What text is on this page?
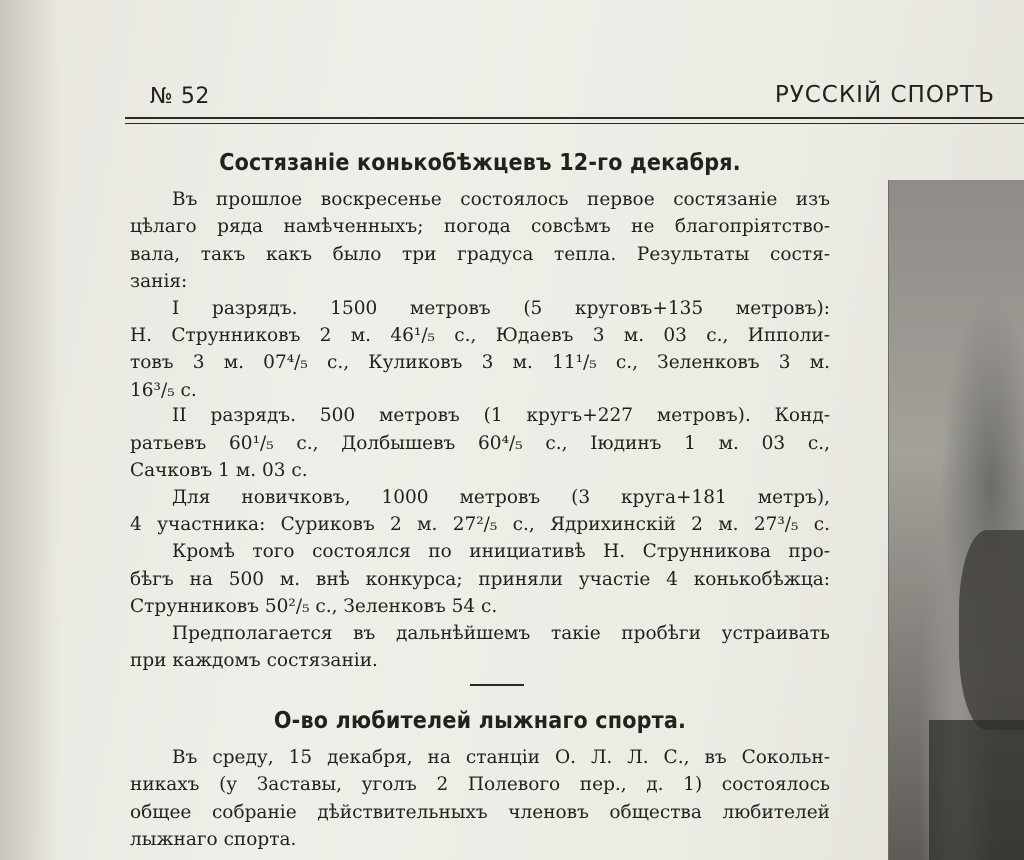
№ 52	РУССКIЙ СПОРТЪ
Состязанiе конькобѣжцевъ 12-го декабря.
Въ прошлое воскресенье состоялось первое состязанiе изъ
цѣлаго ряда намѣченныхъ; погода совсѣмъ не благопрiятство-
вала, такъ какъ было три градуса тепла. Результаты состя-
занiя:
I разрядъ. 1500 метровъ (5 круговъ+135 метровъ):
Н. Струнниковъ 2 м. 46¹/₅ с., Юдаевъ 3 м. 03 с., Ипполи-
товъ 3 м. 07⁴/₅ с., Куликовъ 3 м. 11¹/₅ с., Зеленковъ 3 м.
16³/₅ с.
II разрядъ. 500 метровъ (1 кругъ+227 метровъ). Конд-
ратьевъ 60¹/₅ с., Долбышевъ 60⁴/₅ с., Iюдинъ 1 м. 03 с.,
Сачковъ 1 м. 03 с.
Для новичковъ, 1000 метровъ (3 круга+181 метръ),
4 участника: Суриковъ 2 м. 27²/₅ с., Ядрихинскiй 2 м. 27³/₅ с.
Кромѣ того состоялся по инициативѣ Н. Струнникова про-
бѣгъ на 500 м. внѣ конкурса; приняли участiе 4 конькобѣжца:
Струнниковъ 50²/₅ с., Зеленковъ 54 с.
Предполагается въ дальнѣйшемъ такiе пробѣги устраивать
при каждомъ состязанiи.
О-во любителей лыжнаго спорта.
Въ среду, 15 декабря, на станцiи О. Л. Л. С., въ Сокольн-
никахъ (у Заставы, уголъ 2 Полевого пер., д. 1) состоялось
общее собранiе дѣйствительныхъ членовъ общества любителей
лыжнаго спорта.
